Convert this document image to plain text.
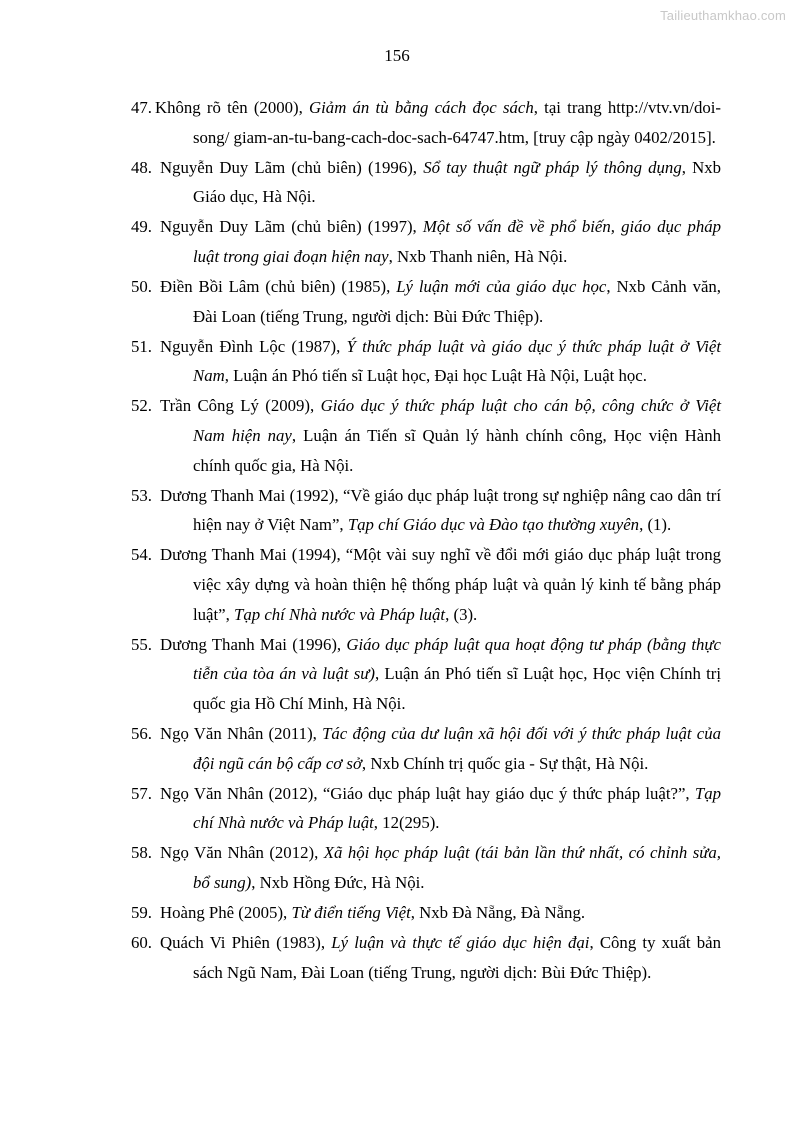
Tailieuthamkhao.com
156
47. Không rõ tên (2000), Giảm án tù bằng cách đọc sách, tại trang http://vtv.vn/doi-song/ giam-an-tu-bang-cach-doc-sach-64747.htm, [truy cập ngày 0402/2015].
48. Nguyễn Duy Lãm (chủ biên) (1996), Sổ tay thuật ngữ pháp lý thông dụng, Nxb Giáo dục, Hà Nội.
49. Nguyễn Duy Lãm (chủ biên) (1997), Một số vấn đề về phổ biến, giáo dục pháp luật trong giai đoạn hiện nay, Nxb Thanh niên, Hà Nội.
50. Điền Bồi Lâm (chủ biên) (1985), Lý luận mới của giáo dục học, Nxb Cảnh văn, Đài Loan (tiếng Trung, người dịch: Bùi Đức Thiệp).
51. Nguyễn Đình Lộc (1987), Ý thức pháp luật và giáo dục ý thức pháp luật ở Việt Nam, Luận án Phó tiến sĩ Luật học, Đại học Luật Hà Nội, Luật học.
52. Trần Công Lý (2009), Giáo dục ý thức pháp luật cho cán bộ, công chức ở Việt Nam hiện nay, Luận án Tiến sĩ Quản lý hành chính công, Học viện Hành chính quốc gia, Hà Nội.
53. Dương Thanh Mai (1992), “Về giáo dục pháp luật trong sự nghiệp nâng cao dân trí hiện nay ở Việt Nam”, Tạp chí Giáo dục và Đào tạo thường xuyên, (1).
54. Dương Thanh Mai (1994), “Một vài suy nghĩ về đổi mới giáo dục pháp luật trong việc xây dựng và hoàn thiện hệ thống pháp luật và quản lý kinh tế bằng pháp luật”, Tạp chí Nhà nước và Pháp luật, (3).
55. Dương Thanh Mai (1996), Giáo dục pháp luật qua hoạt động tư pháp (bằng thực tiễn của tòa án và luật sư), Luận án Phó tiến sĩ Luật học, Học viện Chính trị quốc gia Hồ Chí Minh, Hà Nội.
56. Ngọ Văn Nhân (2011), Tác động của dư luận xã hội đối với ý thức pháp luật của đội ngũ cán bộ cấp cơ sở, Nxb Chính trị quốc gia - Sự thật, Hà Nội.
57. Ngọ Văn Nhân (2012), “Giáo dục pháp luật hay giáo dục ý thức pháp luật?”, Tạp chí Nhà nước và Pháp luật, 12(295).
58. Ngọ Văn Nhân (2012), Xã hội học pháp luật (tái bản lần thứ nhất, có chỉnh sửa, bổ sung), Nxb Hồng Đức, Hà Nội.
59. Hoàng Phê (2005), Từ điển tiếng Việt, Nxb Đà Nẵng, Đà Nẵng.
60. Quách Vi Phiên (1983), Lý luận và thực tế giáo dục hiện đại, Công ty xuất bản sách Ngũ Nam, Đài Loan (tiếng Trung, người dịch: Bùi Đức Thiệp).
